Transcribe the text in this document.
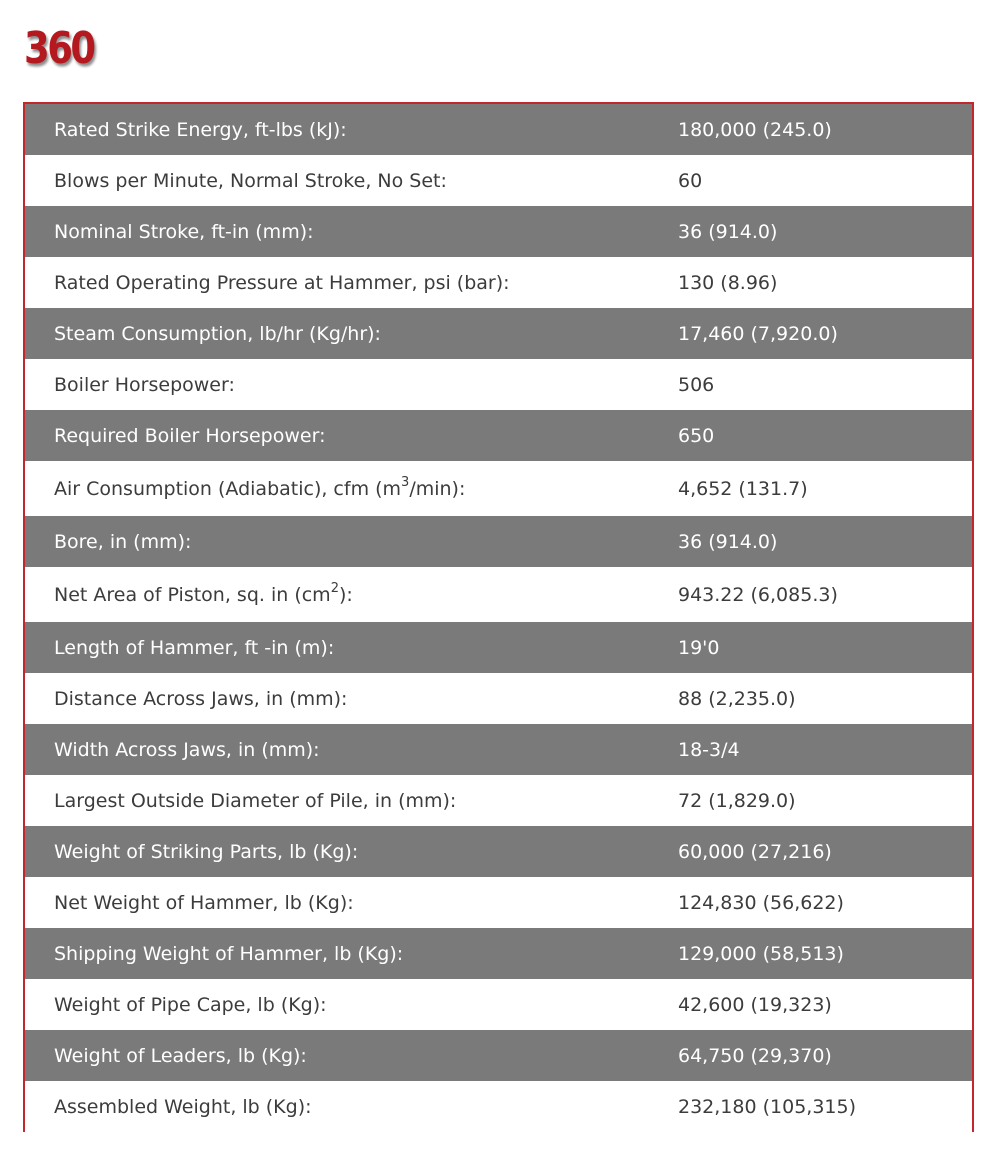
360
Rated Strike Energy, ft-lbs (kJ):	180,000 (245.0)
Blows per Minute, Normal Stroke, No Set:	60
Nominal Stroke, ft-in (mm):	36 (914.0)
Rated Operating Pressure at Hammer, psi (bar):	130 (8.96)
Steam Consumption, lb/hr (Kg/hr):	17,460 (7,920.0)
Boiler Horsepower:	506
Required Boiler Horsepower:	650
Air Consumption (Adiabatic), cfm $(m^3/\min)$:	4,652 (131.7)
Bore, in (mm):	36 (914.0)
Net Area of Piston, sq. in $(cm^2)$:	943.22 (6,085.3)
Length of Hammer, ft -in (m):	19'0
Distance Across Jaws, in (mm):	88 (2,235.0)
Width Across Jaws, in (mm):	18-3/4
Largest Outside Diameter of Pile, in (mm):	72 (1,829.0)
Weight of Striking Parts, lb (Kg):	60,000 (27,216)
Net Weight of Hammer, lb (Kg):	124,830 (56,622)
Shipping Weight of Hammer, lb (Kg):	129,000 (58,513)
Weight of Pipe Cape, lb (Kg):	42,600 (19,323)
Weight of Leaders, lb (Kg):	64,750 (29,370)
Assembled Weight, lb (Kg):	232,180 (105,315)
